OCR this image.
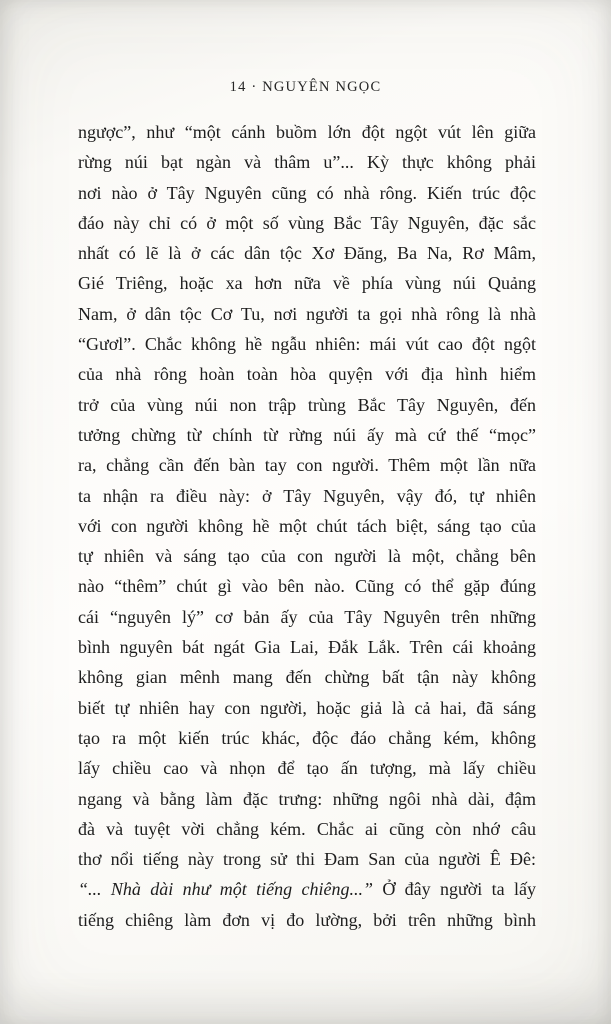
14 · NGUYÊN NGỌC
ngược”, như “một cánh buồm lớn đột ngột vút lên giữa
rừng núi bạt ngàn và thâm u”... Kỳ thực không phải
nơi nào ở Tây Nguyên cũng có nhà rông. Kiến trúc độc
đáo này chỉ có ở một số vùng Bắc Tây Nguyên, đặc sắc
nhất có lẽ là ở các dân tộc Xơ Đăng, Ba Na, Rơ Mâm,
Gié Triêng, hoặc xa hơn nữa về phía vùng núi Quảng
Nam, ở dân tộc Cơ Tu, nơi người ta gọi nhà rông là nhà
“Gươl”. Chắc không hề ngẫu nhiên: mái vút cao đột ngột
của nhà rông hoàn toàn hòa quyện với địa hình hiểm
trở của vùng núi non trập trùng Bắc Tây Nguyên, đến
tưởng chừng từ chính từ rừng núi ấy mà cứ thế “mọc”
ra, chẳng cần đến bàn tay con người. Thêm một lần nữa
ta nhận ra điều này: ở Tây Nguyên, vậy đó, tự nhiên
với con người không hề một chút tách biệt, sáng tạo của
tự nhiên và sáng tạo của con người là một, chẳng bên
nào “thêm” chút gì vào bên nào. Cũng có thể gặp đúng
cái “nguyên lý” cơ bản ấy của Tây Nguyên trên những
bình nguyên bát ngát Gia Lai, Đắk Lắk. Trên cái khoảng
không gian mênh mang đến chừng bất tận này không
biết tự nhiên hay con người, hoặc giả là cả hai, đã sáng
tạo ra một kiến trúc khác, độc đáo chẳng kém, không
lấy chiều cao và nhọn để tạo ấn tượng, mà lấy chiều
ngang và bằng làm đặc trưng: những ngôi nhà dài, đậm
đà và tuyệt vời chẳng kém. Chắc ai cũng còn nhớ câu
thơ nổi tiếng này trong sử thi Đam San của người Ê Đê:
“... Nhà dài như một tiếng chiêng...” Ở đây người ta lấy
tiếng chiêng làm đơn vị đo lường, bởi trên những bình
